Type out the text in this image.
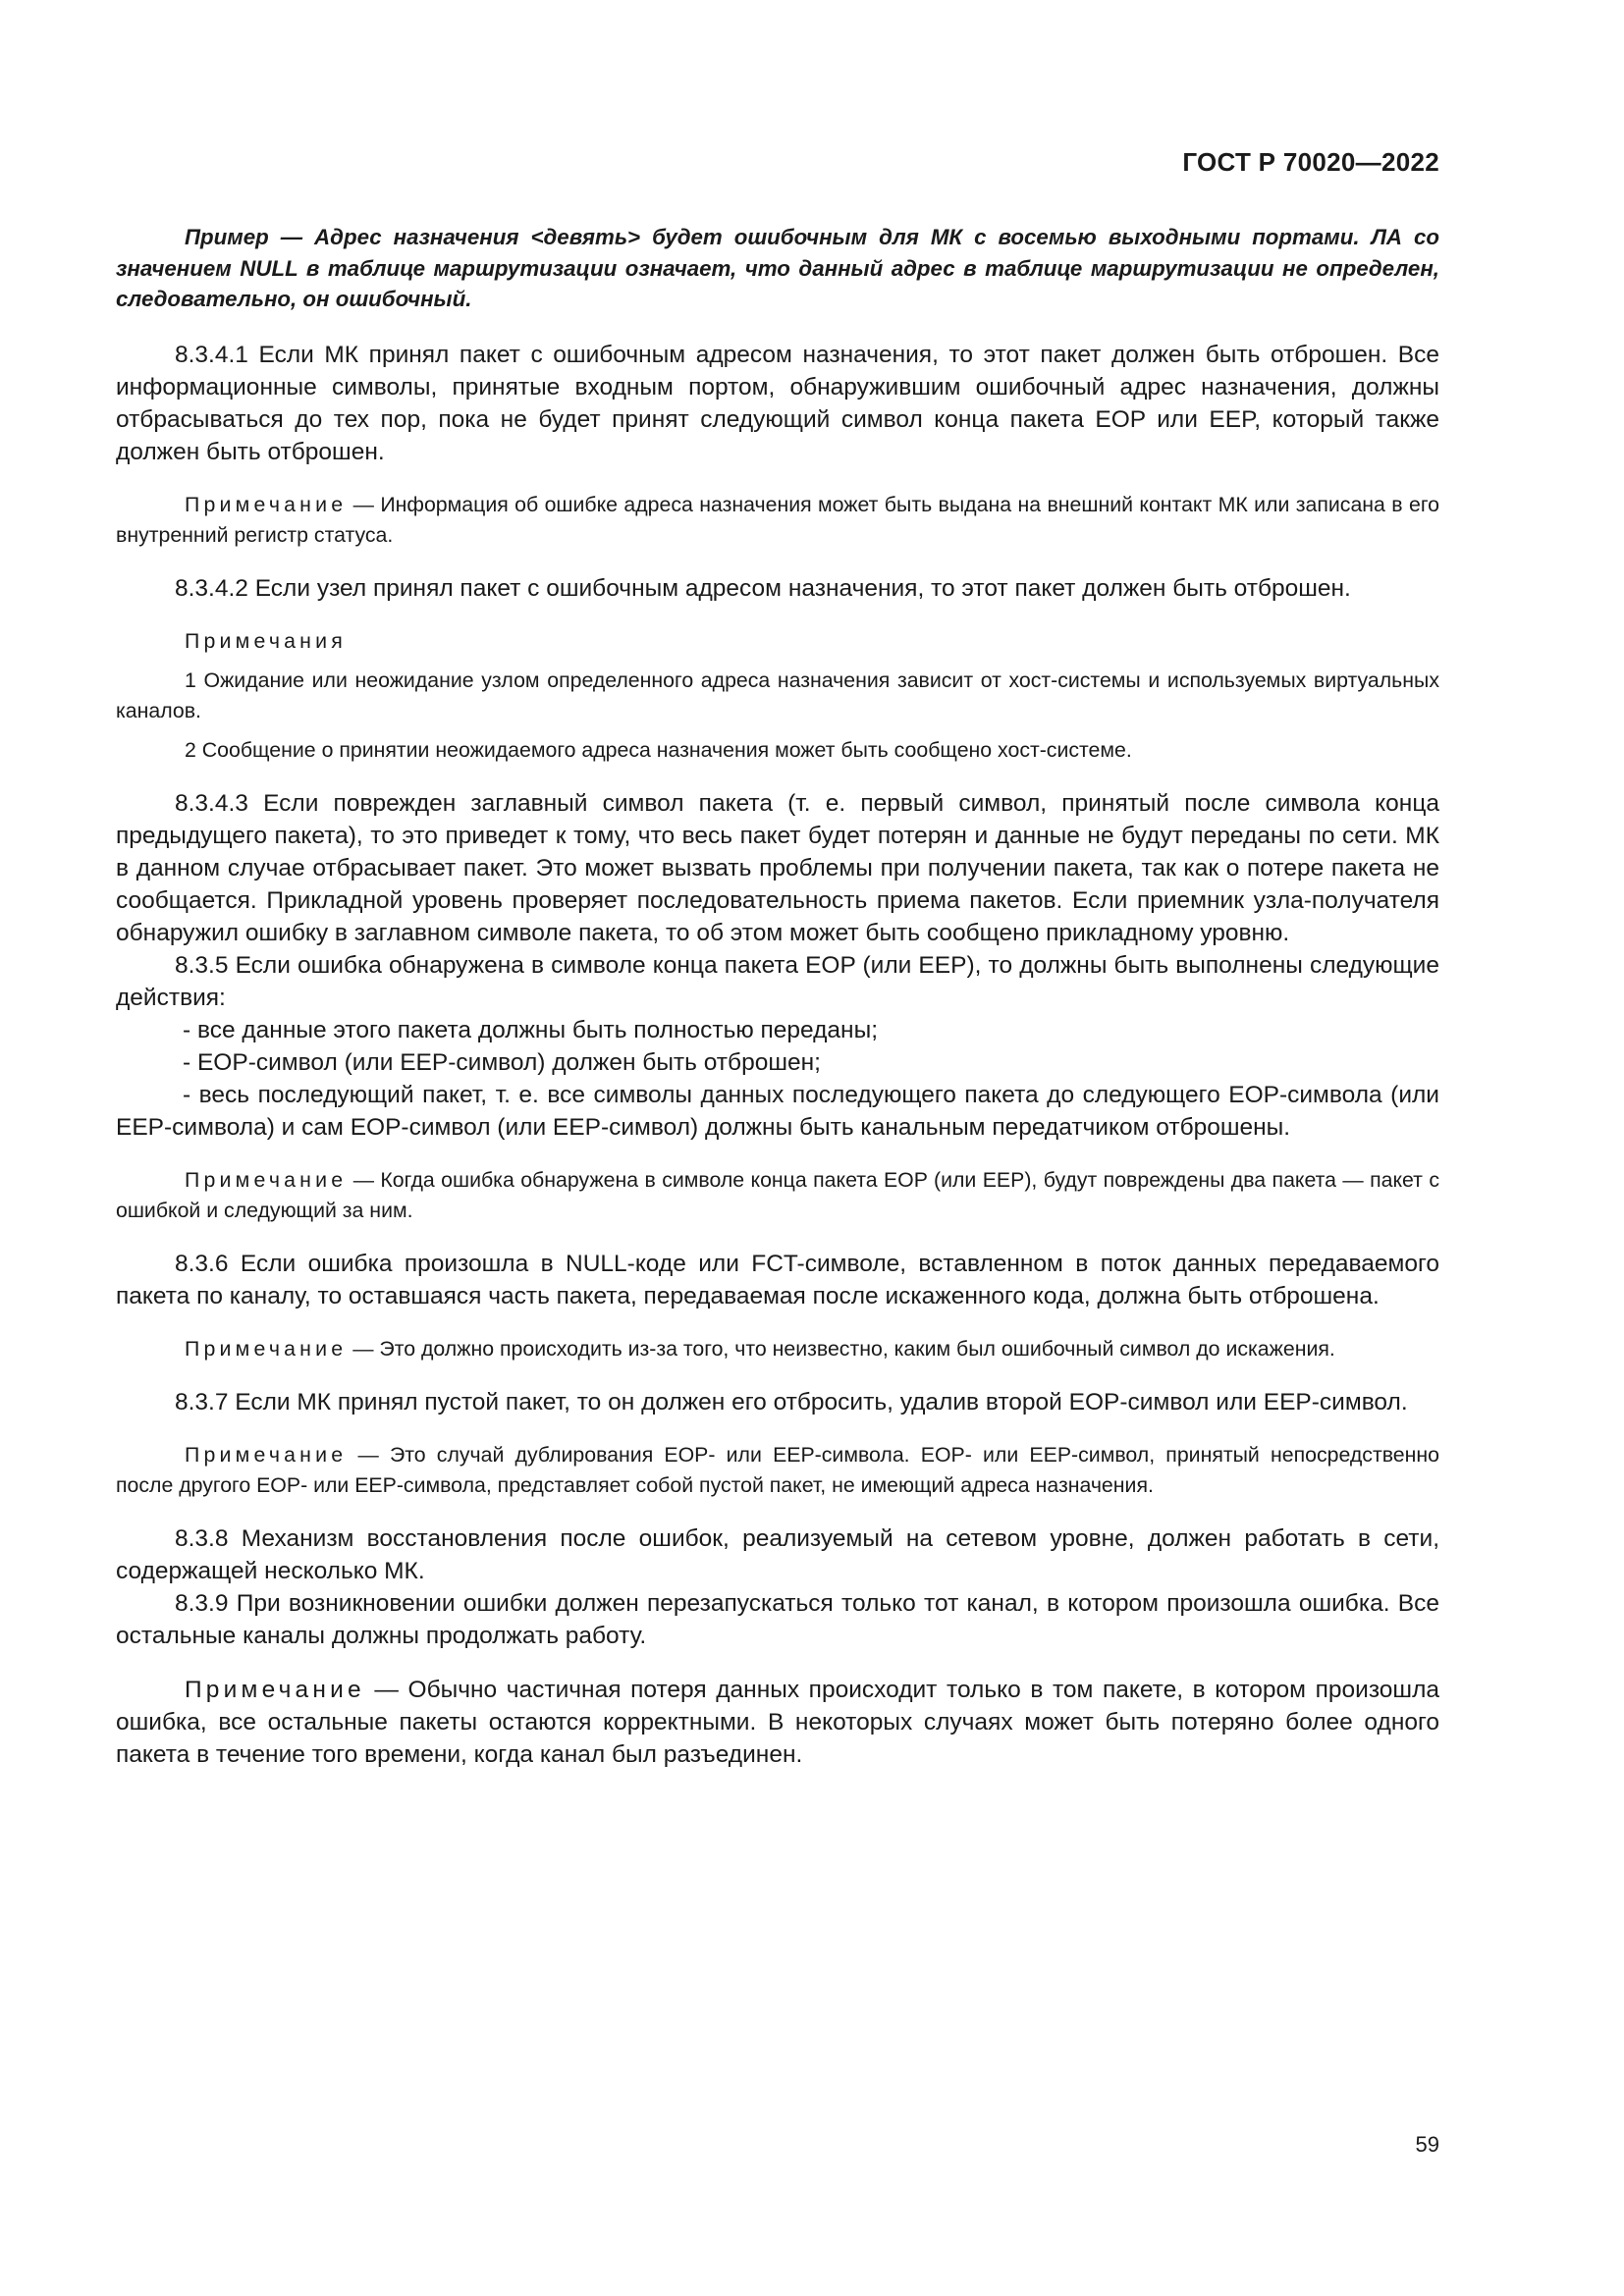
ГОСТ Р 70020—2022

Пример — Адрес назначения <девять> будет ошибочным для МК с восемью выходными портами. ЛА со значением NULL в таблице маршрутизации означает, что данный адрес в таблице маршрутизации не определен, следовательно, он ошибочный.

8.3.4.1 Если МК принял пакет с ошибочным адресом назначения, то этот пакет должен быть отброшен. Все информационные символы, принятые входным портом, обнаружившим ошибочный адрес назначения, должны отбрасываться до тех пор, пока не будет принят следующий символ конца пакета EOP или EEP, который также должен быть отброшен.

Примечание — Информация об ошибке адреса назначения может быть выдана на внешний контакт МК или записана в его внутренний регистр статуса.

8.3.4.2 Если узел принял пакет с ошибочным адресом назначения, то этот пакет должен быть отброшен.

Примечания

1 Ожидание или неожидание узлом определенного адреса назначения зависит от хост-системы и используемых виртуальных каналов.

2 Сообщение о принятии неожидаемого адреса назначения может быть сообщено хост-системе.

8.3.4.3 Если поврежден заглавный символ пакета (т. е. первый символ, принятый после символа конца предыдущего пакета), то это приведет к тому, что весь пакет будет потерян и данные не будут переданы по сети. МК в данном случае отбрасывает пакет. Это может вызвать проблемы при получении пакета, так как о потере пакета не сообщается. Прикладной уровень проверяет последовательность приема пакетов. Если приемник узла-получателя обнаружил ошибку в заглавном символе пакета, то об этом может быть сообщено прикладному уровню.

8.3.5 Если ошибка обнаружена в символе конца пакета EOP (или EEP), то должны быть выполнены следующие действия:

- все данные этого пакета должны быть полностью переданы;

- EOP-символ (или EEP-символ) должен быть отброшен;

- весь последующий пакет, т. е. все символы данных последующего пакета до следующего EOP-символа (или EEP-символа) и сам EOP-символ (или EEP-символ) должны быть канальным передатчиком отброшены.

Примечание — Когда ошибка обнаружена в символе конца пакета EOP (или EEP), будут повреждены два пакета — пакет с ошибкой и следующий за ним.

8.3.6 Если ошибка произошла в NULL-коде или FCT-символе, вставленном в поток данных передаваемого пакета по каналу, то оставшаяся часть пакета, передаваемая после искаженного кода, должна быть отброшена.

Примечание — Это должно происходить из-за того, что неизвестно, каким был ошибочный символ до искажения.

8.3.7 Если МК принял пустой пакет, то он должен его отбросить, удалив второй EOP-символ или EEP-символ.

Примечание — Это случай дублирования EOP- или EEP-символа. EOP- или EEP-символ, принятый непосредственно после другого EOP- или EEP-символа, представляет собой пустой пакет, не имеющий адреса назначения.

8.3.8 Механизм восстановления после ошибок, реализуемый на сетевом уровне, должен работать в сети, содержащей несколько МК.

8.3.9 При возникновении ошибки должен перезапускаться только тот канал, в котором произошла ошибка. Все остальные каналы должны продолжать работу.

Примечание — Обычно частичная потеря данных происходит только в том пакете, в котором произошла ошибка, все остальные пакеты остаются корректными. В некоторых случаях может быть потеряно более одного пакета в течение того времени, когда канал был разъединен.

59
